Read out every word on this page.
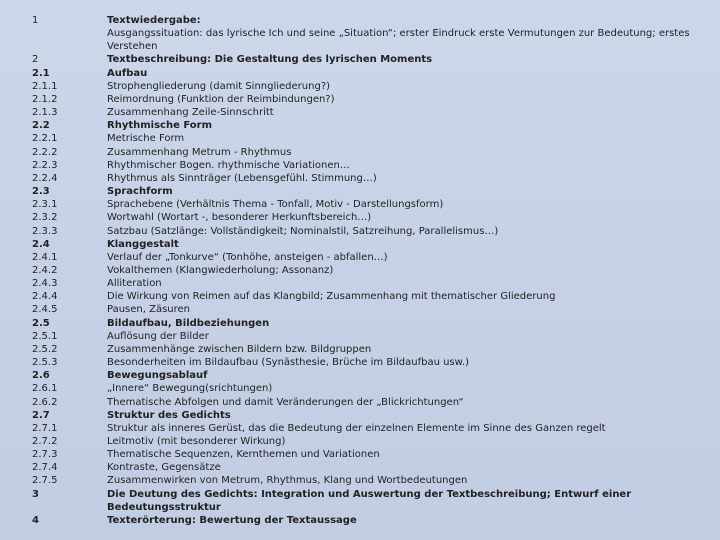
1	Textwiedergabe:
Ausgangssituation: das lyrische Ich und seine „Situation“; erster Eindruck erste Vermutungen zur Bedeutung; erstes Verstehen
2	Textbeschreibung: Die Gestaltung des lyrischen Moments
2.1	Aufbau
2.1.1	Strophengliederung (damit Sinngliederung?)
2.1.2	Reimordnung (Funktion der Reimbindungen?)
2.1.3	Zusammenhang Zeile-Sinnschritt
2.2	Rhythmische Form
2.2.1	Metrische Form
2.2.2	Zusammenhang Metrum - Rhythmus
2.2.3	Rhythmischer Bogen. rhythmische Variationen…
2.2.4	Rhythmus als Sinnträger (Lebensgefühl. Stimmung…)
2.3	Sprachform
2.3.1	Sprachebene (Verhältnis Thema - Tonfall, Motiv - Darstellungsform)
2.3.2	Wortwahl (Wortart -, besonderer Herkunftsbereich…)
2.3.3	Satzbau (Satzlänge: Vollständigkeit; Nominalstil, Satzreihung, Parallelismus…)
2.4	Klanggestalt
2.4.1	Verlauf der „Tonkurve“ (Tonhöhe, ansteigen - abfallen…)
2.4.2	Vokalthemen (Klangwiederholung; Assonanz)
2.4.3	Alliteration
2.4.4	Die Wirkung von Reimen auf das Klangbild; Zusammenhang mit thematischer Gliederung
2.4.5	Pausen, Zäsuren
2.5	Bildaufbau, Bildbeziehungen
2.5.1	Auflösung der Bilder
2.5.2	Zusammenhänge zwischen Bildern bzw. Bildgruppen
2.5.3	Besonderheiten im Bildaufbau (Synästhesie, Brüche im Bildaufbau usw.)
2.6	Bewegungsablauf
2.6.1	„Innere“ Bewegung(srichtungen)
2.6.2	Thematische Abfolgen und damit Veränderungen der „Blickrichtungen“
2.7	Struktur des Gedichts
2.7.1	Struktur als inneres Gerüst, das die Bedeutung der einzelnen Elemente im Sinne des Ganzen regelt
2.7.2	Leitmotiv (mit besonderer Wirkung)
2.7.3	Thematische Sequenzen, Kernthemen und Variationen
2.7.4	Kontraste, Gegensätze
2.7.5	Zusammenwirken von Metrum, Rhythmus, Klang und Wortbedeutungen
3	Die Deutung des Gedichts: Integration und Auswertung der Textbeschreibung; Entwurf einer Bedeutungsstruktur
4	Texterörterung: Bewertung der Textaussage
